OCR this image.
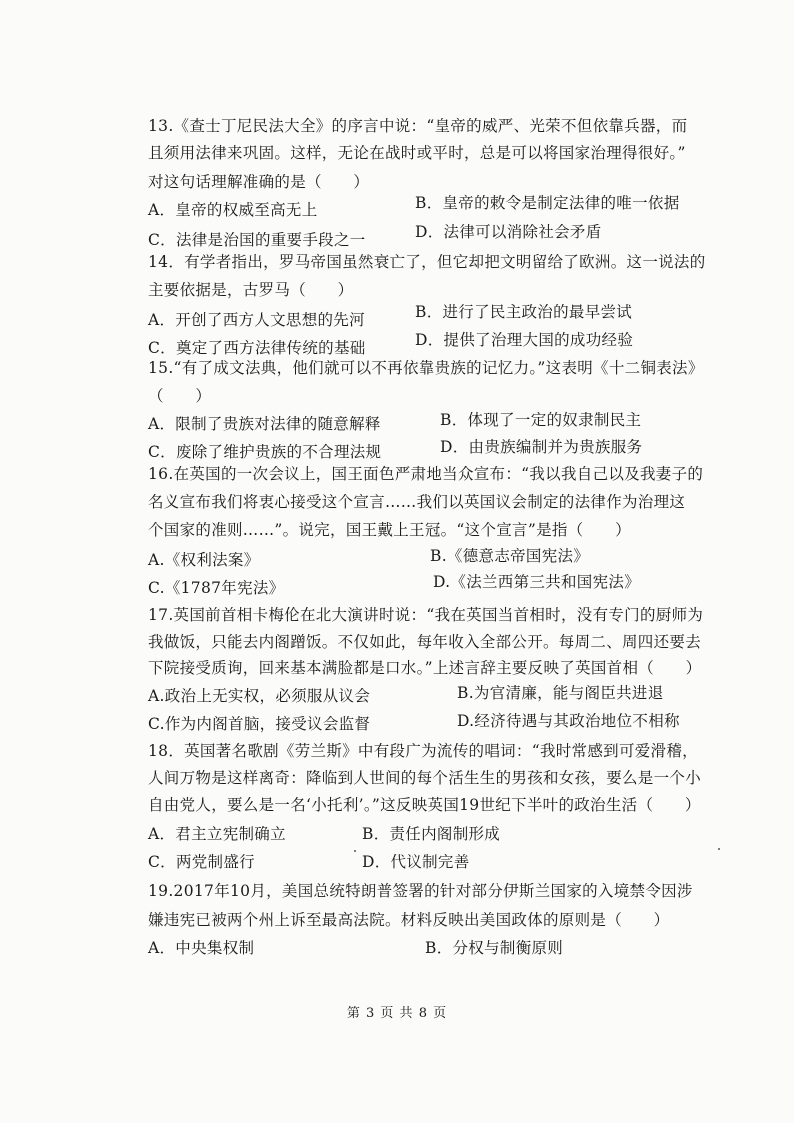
13.《查士丁尼民法大全》的序言中说：“皇帝的威严、光荣不但依靠兵器，而
且须用法律来巩固。这样，无论在战时或平时，总是可以将国家治理得很好。”
对这句话理解准确的是（　　）
A．皇帝的权威至高无上	B．皇帝的敕令是制定法律的唯一依据
C．法律是治国的重要手段之一	D．法律可以消除社会矛盾
14．有学者指出，罗马帝国虽然衰亡了，但它却把文明留给了欧洲。这一说法的
主要依据是，古罗马（　　）
A．开创了西方人文思想的先河	B．进行了民主政治的最早尝试
C．奠定了西方法律传统的基础	D．提供了治理大国的成功经验
15.“有了成文法典，他们就可以不再依靠贵族的记忆力。”这表明《十二铜表法》
（　　）
A．限制了贵族对法律的随意解释	B．体现了一定的奴隶制民主
C．废除了维护贵族的不合理法规	D．由贵族编制并为贵族服务
16.在英国的一次会议上，国王面色严肃地当众宣布：“我以我自己以及我妻子的
名义宣布我们将衷心接受这个宣言……我们以英国议会制定的法律作为治理这
个国家的准则……”。说完，国王戴上王冠。“这个宣言”是指（　　）
A.《权利法案》	B.《德意志帝国宪法》
C.《1787年宪法》	D.《法兰西第三共和国宪法》
17.英国前首相卡梅伦在北大演讲时说：“我在英国当首相时，没有专门的厨师为
我做饭，只能去内阁蹭饭。不仅如此，每年收入全部公开。每周二、周四还要去
下院接受质询，回来基本满脸都是口水。”上述言辞主要反映了英国首相（　　）
A.政治上无实权，必须服从议会	B.为官清廉，能与阁臣共进退
C.作为内阁首脑，接受议会监督	D.经济待遇与其政治地位不相称
18．英国著名歌剧《劳兰斯》中有段广为流传的唱词：“我时常感到可爱滑稽，
人间万物是这样离奇：降临到人世间的每个活生生的男孩和女孩，要么是一个小
自由党人，要么是一名‘小托利’。”这反映英国19世纪下半叶的政治生活（　　）
A．君主立宪制确立	B．责任内阁制形成
C．两党制盛行	D．代议制完善
19.2017年10月，美国总统特朗普签署的针对部分伊斯兰国家的入境禁令因涉
嫌违宪已被两个州上诉至最高法院。材料反映出美国政体的原则是（　　）
A．中央集权制	B．分权与制衡原则
第 3 页 共 8 页
